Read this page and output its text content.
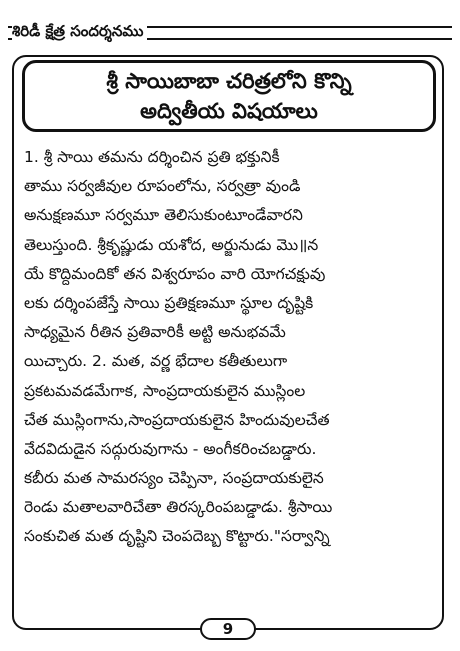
శిరిడీ క్షేత్ర సందర్శనము
శ్రీ సాయిబాబా చరిత్రలోని కొన్ని
అద్వితీయ విషయాలు
1. శ్రీ సాయి తమను దర్శించిన ప్రతి భక్తునికీ
తాము సర్వజీవుల రూపంలోను, సర్వత్రా వుండి
అనుక్షణమూ సర్వమూ తెలిసుకుంటూండేవారని
తెలుస్తుంది. శ్రీకృష్ణుడు యశోద, అర్జునుడు మొ॥న
యే కొద్దిమందికో తన విశ్వరూపం వారి యోగచక్షువు
లకు దర్శింపజేస్తే సాయి ప్రతిక్షణమూ స్థూల దృష్టికి
సాధ్యమైన రీతిన ప్రతివారికీ అట్టి అనుభవమే
యిచ్చారు. 2. మత, వర్ణ భేదాల కతీతులుగా
ప్రకటమవడమేగాక, సాంప్రదాయకులైన ముస్లింల
చేత ముస్లింగాను,సాంప్రదాయకులైన హిందువులచేత
వేదవిదుడైన సద్గురువుగాను - అంగీకరించబడ్డారు.
కబీరు మత సామరస్యం చెప్పినా, సంప్రదాయకులైన
రెండు మతాలవారిచేతా తిరస్కరింపబడ్డాడు. శ్రీసాయి
సంకుచిత మత దృష్టిని చెంపదెబ్బ కొట్టారు."సర్వాన్ని
9
